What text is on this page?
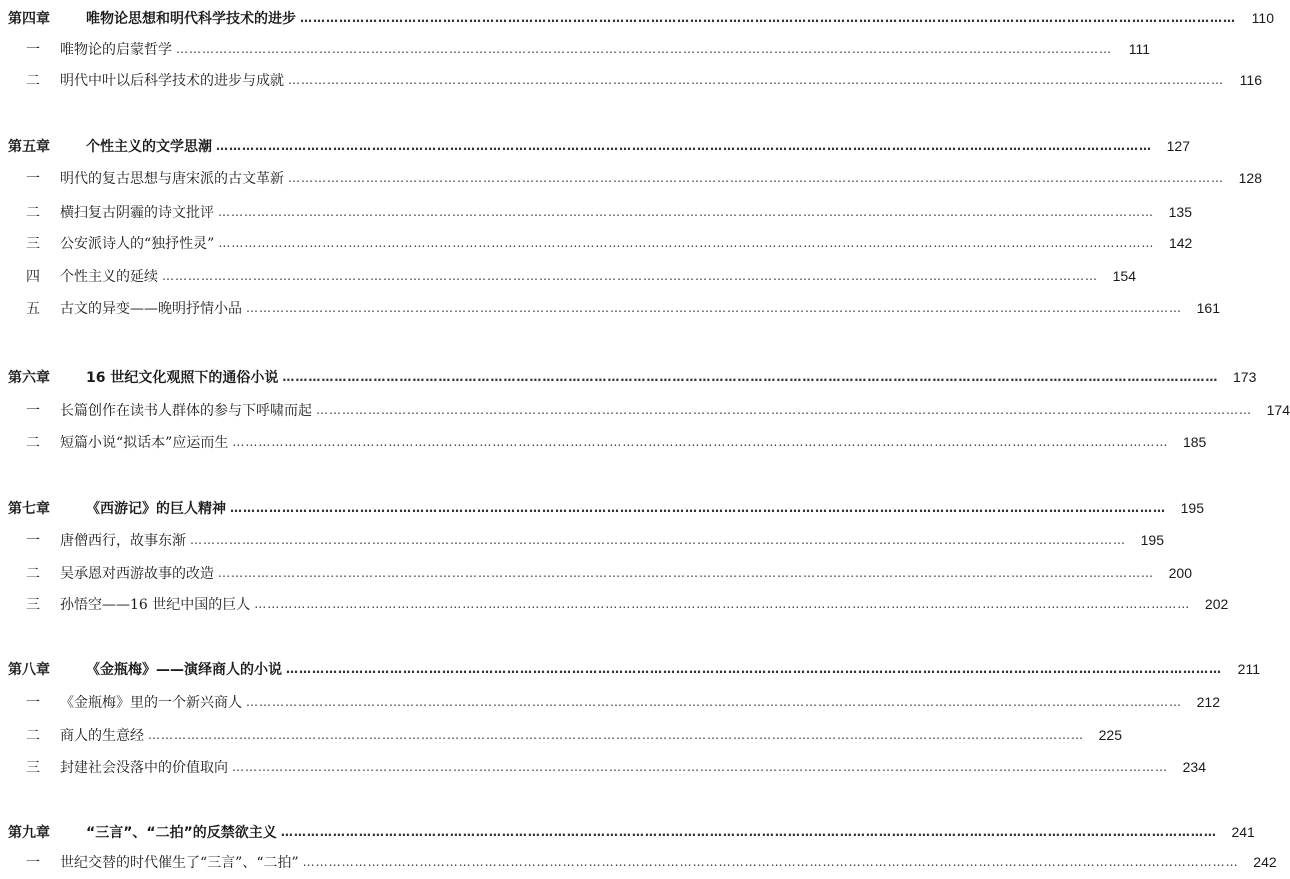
第四章	唯物论思想和明代科学技术的进步 ………………………………………………………………………………………………………………………………………………………………………………………………	110
一	唯物论的启蒙哲学 ………………………………………………………………………………………………………………………………………………………………………………………………	111
二	明代中叶以后科学技术的进步与成就 ………………………………………………………………………………………………………………………………………………………………………………………………	116
第五章	个性主义的文学思潮 ………………………………………………………………………………………………………………………………………………………………………………………………	127
一	明代的复古思想与唐宋派的古文革新 ………………………………………………………………………………………………………………………………………………………………………………………………	128
二	横扫复古阴霾的诗文批评 ………………………………………………………………………………………………………………………………………………………………………………………………	135
三	公安派诗人的“独抒性灵” ………………………………………………………………………………………………………………………………………………………………………………………………	142
四	个性主义的延续 ………………………………………………………………………………………………………………………………………………………………………………………………	154
五	古文的异变——晚明抒情小品 ………………………………………………………………………………………………………………………………………………………………………………………………	161
第六章	16 世纪文化观照下的通俗小说 ………………………………………………………………………………………………………………………………………………………………………………………………	173
一	长篇创作在读书人群体的参与下呼啸而起 ………………………………………………………………………………………………………………………………………………………………………………………………	174
二	短篇小说“拟话本”应运而生 ………………………………………………………………………………………………………………………………………………………………………………………………	185
第七章	《西游记》的巨人精神 ………………………………………………………………………………………………………………………………………………………………………………………………	195
一	唐僧西行，故事东渐 ………………………………………………………………………………………………………………………………………………………………………………………………	195
二	吴承恩对西游故事的改造 ………………………………………………………………………………………………………………………………………………………………………………………………	200
三	孙悟空——16 世纪中国的巨人 ………………………………………………………………………………………………………………………………………………………………………………………………	202
第八章	《金瓶梅》——演绎商人的小说 ………………………………………………………………………………………………………………………………………………………………………………………………	211
一	《金瓶梅》里的一个新兴商人 ………………………………………………………………………………………………………………………………………………………………………………………………	212
二	商人的生意经 ………………………………………………………………………………………………………………………………………………………………………………………………	225
三	封建社会没落中的价值取向 ………………………………………………………………………………………………………………………………………………………………………………………………	234
第九章	“三言”、“二拍”的反禁欲主义 ………………………………………………………………………………………………………………………………………………………………………………………………	241
一	世纪交替的时代催生了“三言”、“二拍” ………………………………………………………………………………………………………………………………………………………………………………………………	242
